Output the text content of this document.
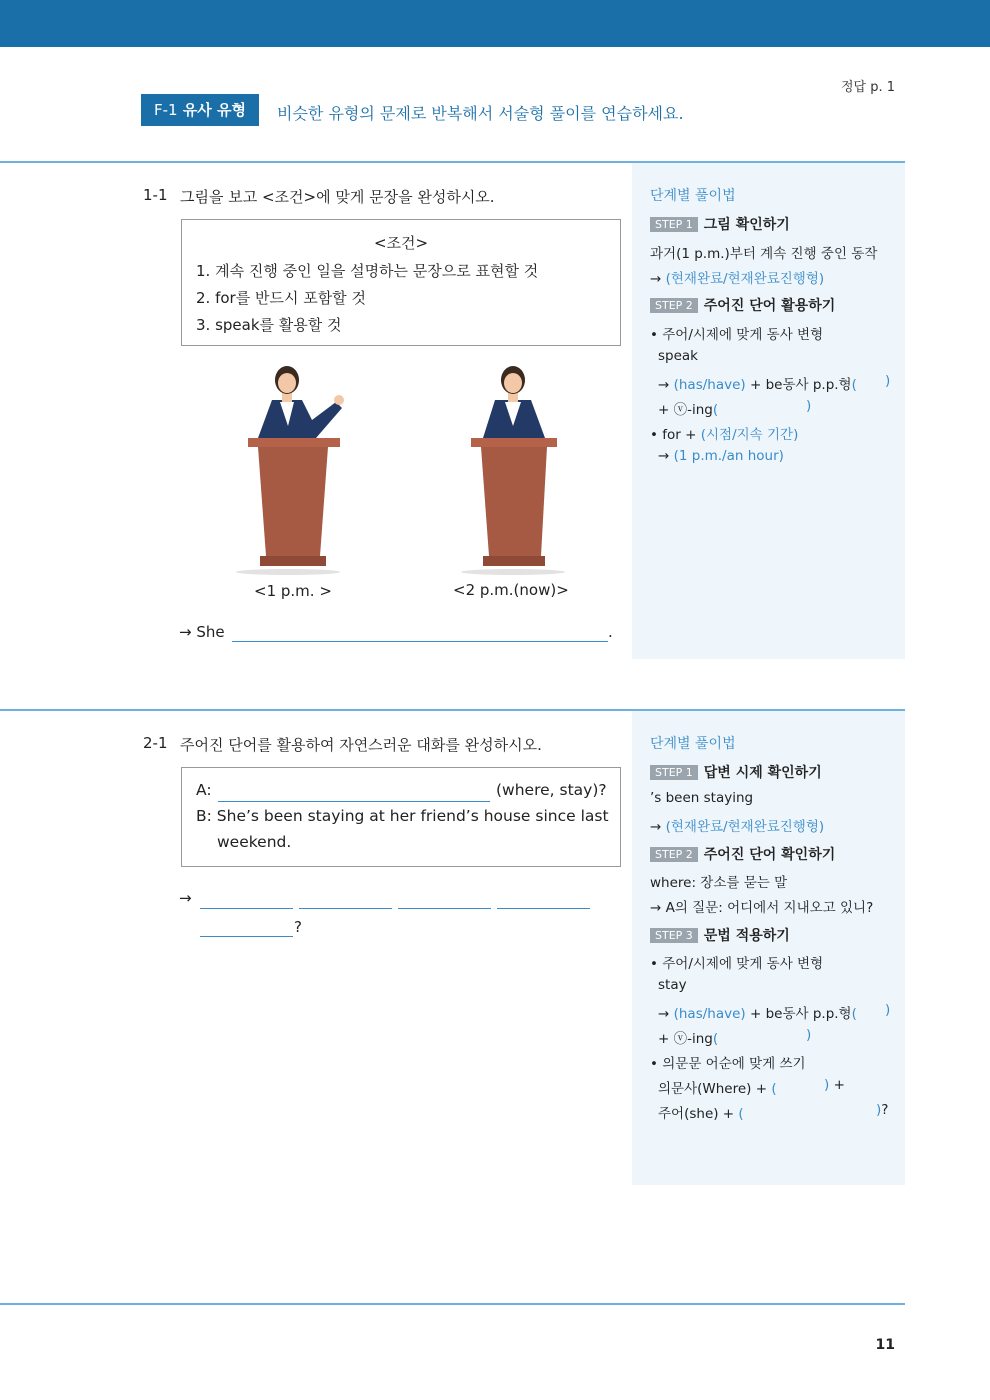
정답 p. 1
F-1 유사 유형	비슷한 유형의 문제로 반복해서 서술형 풀이를 연습하세요.
1-1 그림을 보고 <조건>에 맞게 문장을 완성하시오.
<조건>
1. 계속 진행 중인 일을 설명하는 문장으로 표현할 것
2. for를 반드시 포함할 것
3. speak를 활용할 것
<1 p.m. >	<2 p.m.(now)>
→ She	.
단계별 풀이법
STEP 1 그림 확인하기
과거(1 p.m.)부터 계속 진행 중인 동작
→ (현재완료/현재완료진행형)
STEP 2 주어진 단어 활용하기
• 주어/시제에 맞게 동사 변형
speak
→ (has/have) + be동사 p.p.형( )
+ ⓥ-ing(	)
• for + (시점/지속 기간)
→ (1 p.m./an hour)
2-1 주어진 단어를 활용하여 자연스러운 대화를 완성하시오.
A:	(where, stay)?
B: She’s been staying at her friend’s house since last
weekend.
→
?
단계별 풀이법
STEP 1 답변 시제 확인하기
’s been staying
→ (현재완료/현재완료진행형)
STEP 2 주어진 단어 확인하기
where: 장소를 묻는 말
→ A의 질문: 어디에서 지내오고 있니?
STEP 3 문법 적용하기
• 주어/시제에 맞게 동사 변형
stay
→ (has/have) + be동사 p.p.형( )
+ ⓥ-ing(	)
• 의문문 어순에 맞게 쓰기
의문사(Where) + (	) +
주어(she) + (	)?
11
